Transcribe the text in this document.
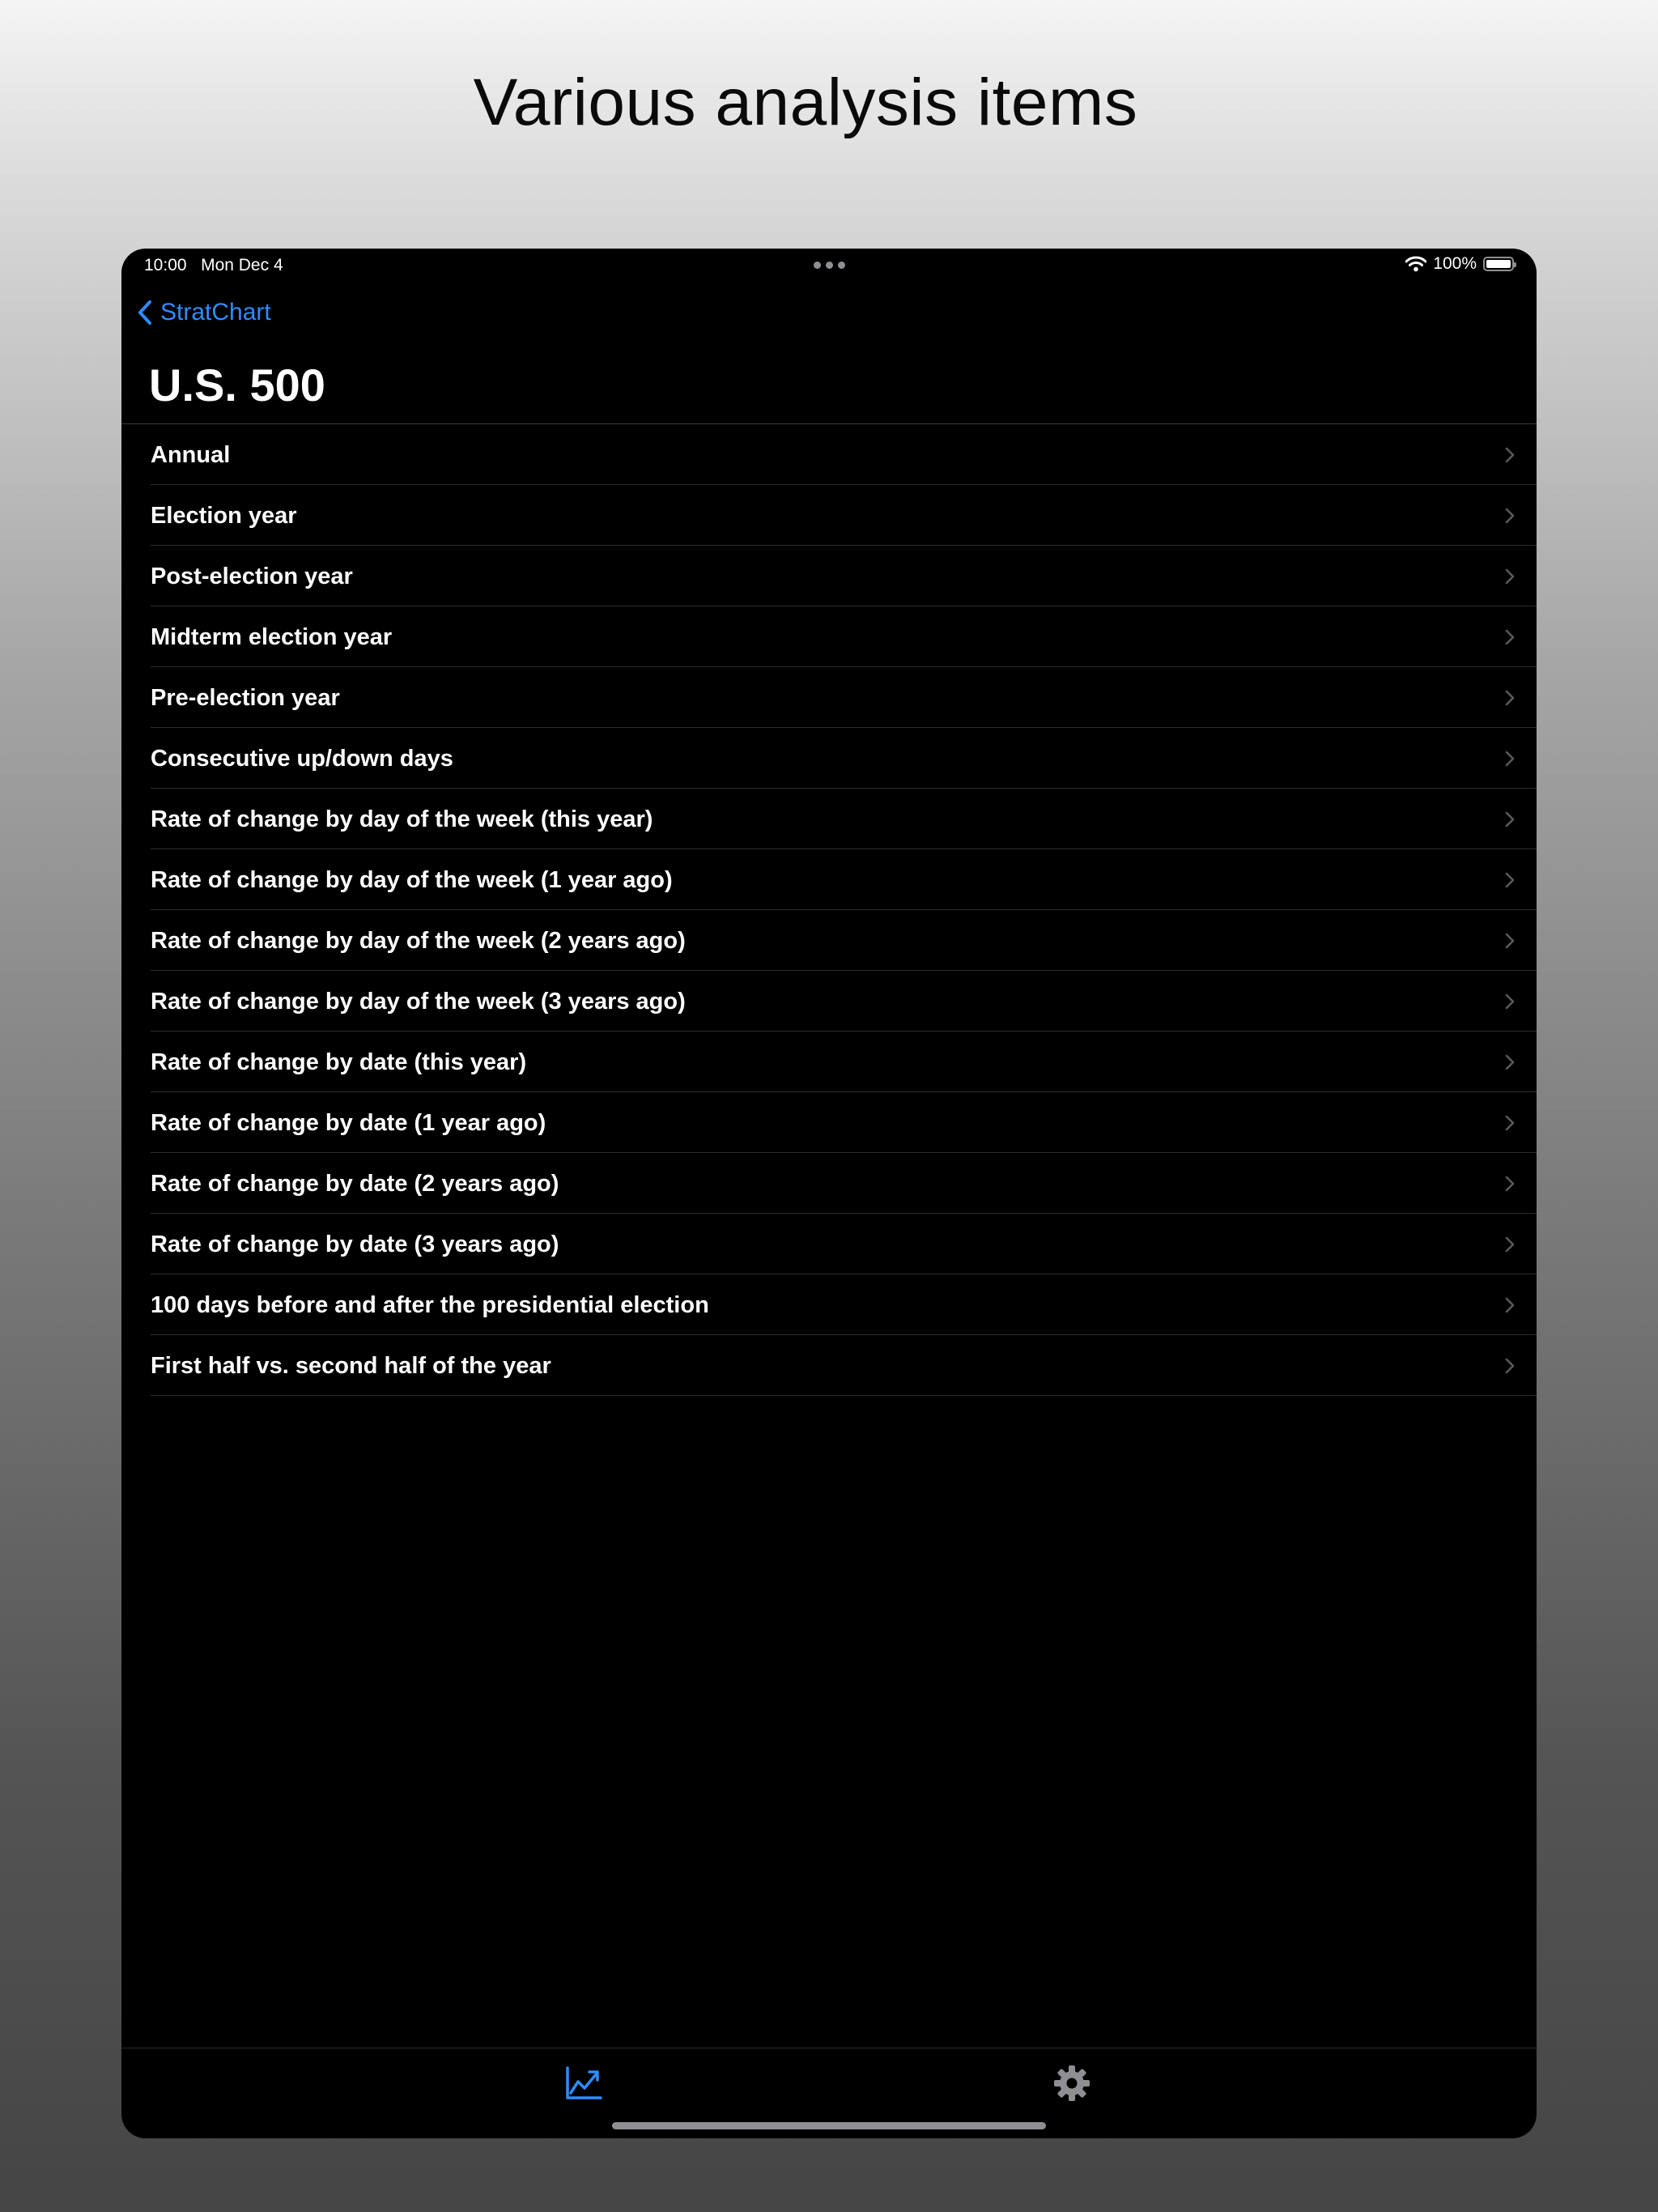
Various analysis items
10:00 Mon Dec 4	100%
StratChart
U.S. 500
Annual
Election year
Post-election year
Midterm election year
Pre-election year
Consecutive up/down days
Rate of change by day of the week (this year)
Rate of change by day of the week (1 year ago)
Rate of change by day of the week (2 years ago)
Rate of change by day of the week (3 years ago)
Rate of change by date (this year)
Rate of change by date (1 year ago)
Rate of change by date (2 years ago)
Rate of change by date (3 years ago)
100 days before and after the presidential election
First half vs. second half of the year
